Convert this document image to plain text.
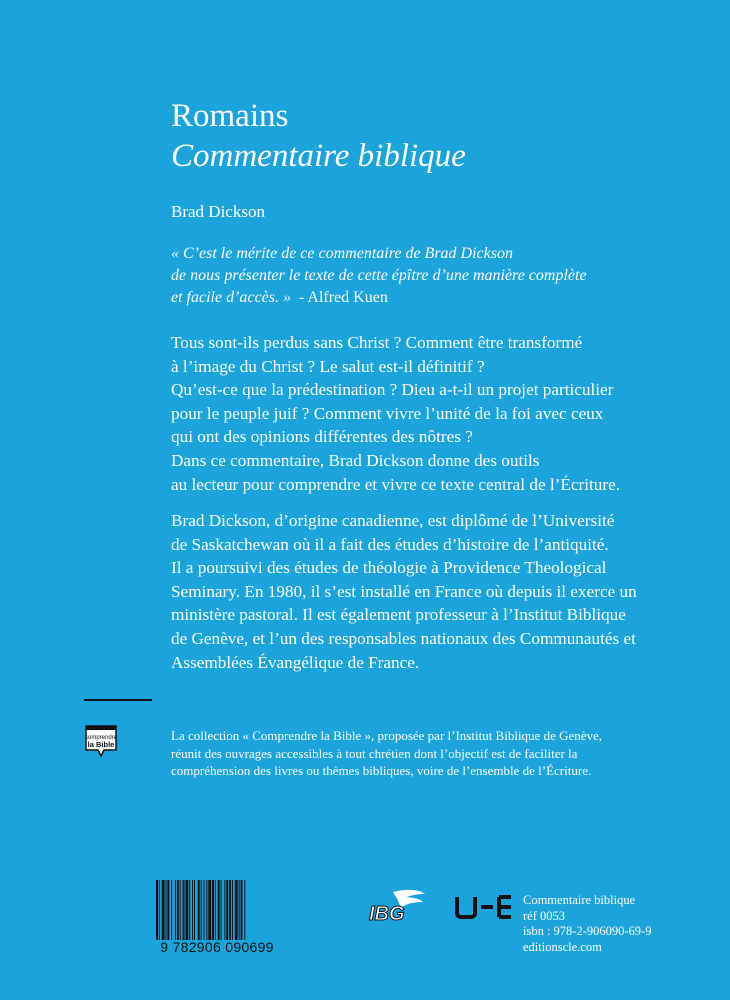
Romains
Commentaire biblique
Brad Dickson
« C’est le mérite de ce commentaire de Brad Dickson
de nous présenter le texte de cette épître d’une manière complète
et facile d’accès. » - Alfred Kuen
Tous sont-ils perdus sans Christ ? Comment être transformé
à l’image du Christ ? Le salut est-il définitif ?
Qu’est-ce que la prédestination ? Dieu a-t-il un projet particulier
pour le peuple juif ? Comment vivre l’unité de la foi avec ceux
qui ont des opinions différentes des nôtres ?
Dans ce commentaire, Brad Dickson donne des outils
au lecteur pour comprendre et vivre ce texte central de l’Écriture.
Brad Dickson, d’origine canadienne, est diplômé de l’Université
de Saskatchewan où il a fait des études d’histoire de l’antiquité.
Il a poursuivi des études de théologie à Providence Theological
Seminary. En 1980, il s’est installé en France où depuis il exerce un
ministère pastoral. Il est également professeur à l’Institut Biblique
de Genève, et l’un des responsables nationaux des Communautés et
Assemblées Évangélique de France.
comprendre
la Bible
La collection « Comprendre la Bible », proposée par l’Institut Biblique de Genève,
réunit des ouvrages accessibles à tout chrétien dont l’objectif est de faciliter la
compréhension des livres ou thèmes bibliques, voire de l’ensemble de l’Écriture.
9 782906 090699
IBG
Commentaire biblique
réf 0053
isbn : 978-2-906090-69-9
editionscle.com
